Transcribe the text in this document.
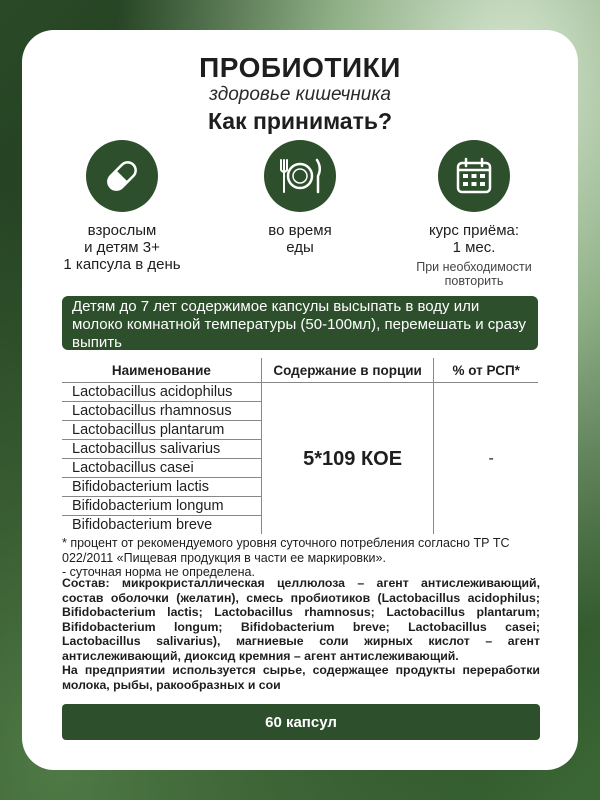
ПРОБИОТИКИ
здоровье кишечника
Как принимать?
взрослым
и детям 3+
1 капсула в день
во время
еды
курс приёма:
1 мес.
При необходимости
повторить
Детям до 7 лет содержимое капсулы высыпать в воду или молоко комнатной температуры (50-100мл), перемешать и сразу выпить
Наименование	Содержание в порции	% от РСП*
Lactobacillus acidophilus	5*109 КОЕ	-
Lactobacillus rhamnosus		
Lactobacillus plantarum		
Lactobacillus salivarius		
Lactobacillus casei		
Bifidobacterium lactis		
Bifidobacterium longum		
Bifidobacterium breve		
* процент от рекомендуемого уровня суточного потребления согласно ТР ТС 022/2011 «Пищевая продукция в части ее маркировки».
- суточная норма не определена.
Состав: микрокристаллическая целлюлоза – агент антислеживающий, состав оболочки (желатин), смесь пробиотиков (Lactobacillus acidophilus; Bifidobacterium lactis; Lactobacillus rhamnosus; Lactobacillus plantarum; Bifidobacterium longum; Bifidobacterium breve; Lactobacillus casei; Lactobacillus salivarius), магниевые соли жирных кислот – агент антислеживающий, диоксид кремния – агент антислеживающий.
На предприятии используется сырье, содержащее продукты переработки молока, рыбы, ракообразных и сои
60 капсул
